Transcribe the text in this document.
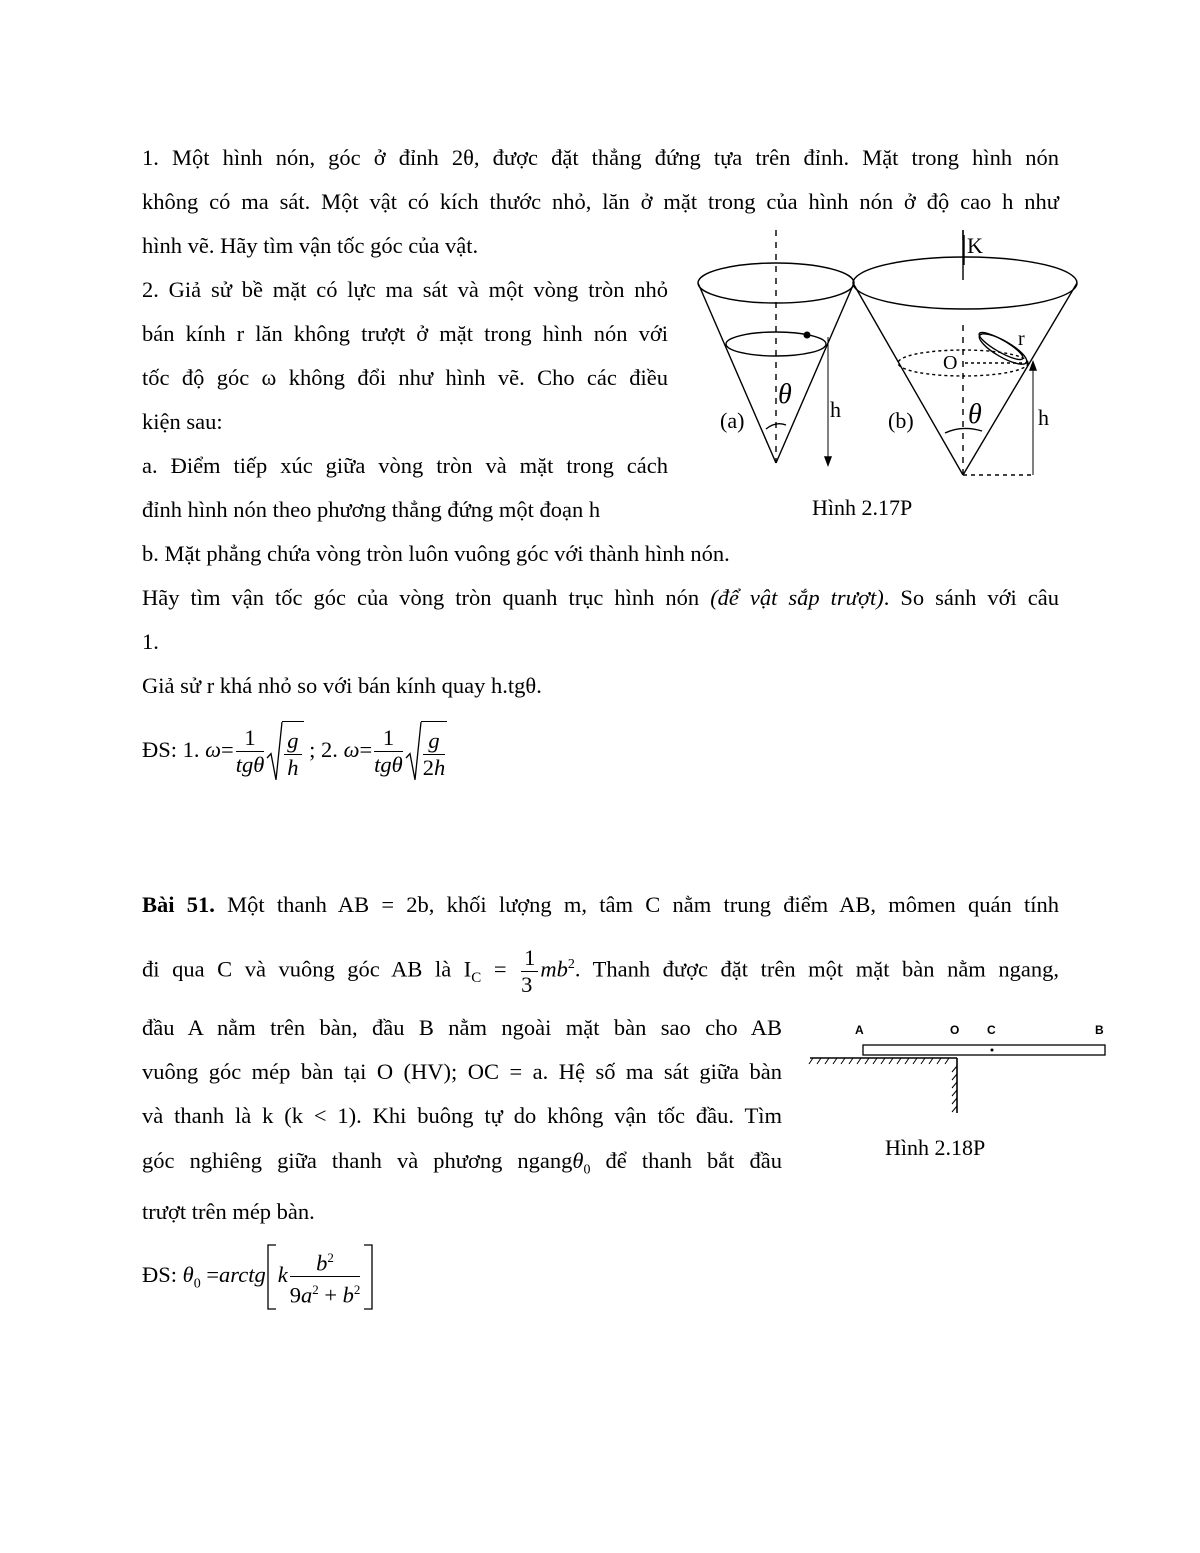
1. Một hình nón, góc ở đỉnh 2θ, được đặt thẳng đứng tựa trên đỉnh. Mặt trong hình nón
không có ma sát. Một vật có kích thước nhỏ, lăn ở mặt trong của hình nón ở độ cao h như
hình vẽ. Hãy tìm vận tốc góc của vật.
2. Giả sử bề mặt có lực ma sát và một vòng tròn nhỏ
bán kính r lăn không trượt ở mặt trong hình nón với
tốc độ góc ω không đổi như hình vẽ. Cho các điều
kiện sau:
a. Điểm tiếp xúc giữa vòng tròn và mặt trong cách
đỉnh hình nón theo phương thẳng đứng một đoạn h
b. Mặt phẳng chứa vòng tròn luôn vuông góc với thành hình nón.
Hãy tìm vận tốc góc của vòng tròn quanh trục hình nón (để vật sắp trượt). So sánh với câu
1.
Giả sử r khá nhỏ so với bán kính quay h.tgθ.
ĐS: 1. $\omega= \frac{1}{\text{tgθ}} \frac{g}{h}$ ; 2. $\omega= \frac{1}{\text{tgθ}} \frac{g}{2h}$
θ h
(a)
K
O
r
θ	h
(b)
Hình 2.17P
Bài 51. Một thanh AB = 2b, khối lượng m, tâm C nằm trung điểm AB, mômen quán tính
đi qua C và vuông góc AB là $I_C = \frac{1}{3} mb^2$. Thanh được đặt trên một mặt bàn nằm ngang,
đầu A nằm trên bàn, đầu B nằm ngoài mặt bàn sao cho AB
vuông góc mép bàn tại O (HV); OC = a. Hệ số ma sát giữa bàn
và thanh là k (k < 1). Khi buông tự do không vận tốc đầu. Tìm
góc nghiêng giữa thanh và phương ngangθ$_0$ để thanh bắt đầu
trượt trên mép bàn.
ĐS: $\theta_0$ =arctg k $\frac{b^2}{9a^2 + b^2}$
A	O C	B
Hình 2.18P
